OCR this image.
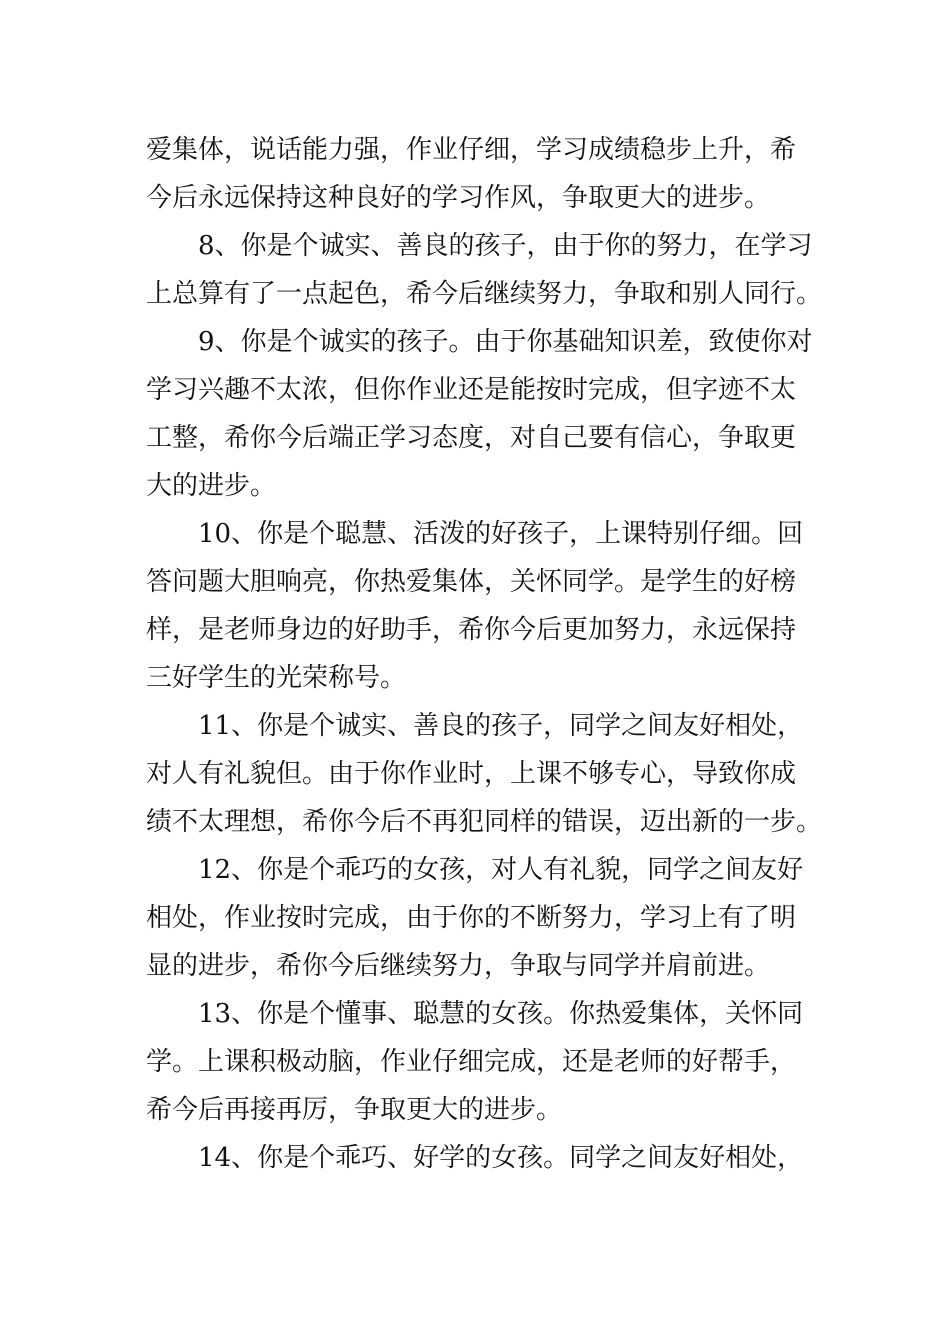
爱集体，说话能力强，作业仔细，学习成绩稳步上升，希
今后永远保持这种良好的学习作风，争取更大的进步。
8、你是个诚实、善良的孩子，由于你的努力，在学习
上总算有了一点起色，希今后继续努力，争取和别人同行。
9、你是个诚实的孩子。由于你基础知识差，致使你对
学习兴趣不太浓，但你作业还是能按时完成，但字迹不太
工整，希你今后端正学习态度，对自己要有信心，争取更
大的进步。
10、你是个聪慧、活泼的好孩子，上课特别仔细。回
答问题大胆响亮，你热爱集体，关怀同学。是学生的好榜
样，是老师身边的好助手，希你今后更加努力，永远保持
三好学生的光荣称号。
11、你是个诚实、善良的孩子，同学之间友好相处，
对人有礼貌但。由于你作业时，上课不够专心，导致你成
绩不太理想，希你今后不再犯同样的错误，迈出新的一步。
12、你是个乖巧的女孩，对人有礼貌，同学之间友好
相处，作业按时完成，由于你的不断努力，学习上有了明
显的进步，希你今后继续努力，争取与同学并肩前进。
13、你是个懂事、聪慧的女孩。你热爱集体，关怀同
学。上课积极动脑，作业仔细完成，还是老师的好帮手，
希今后再接再厉，争取更大的进步。
14、你是个乖巧、好学的女孩。同学之间友好相处，
